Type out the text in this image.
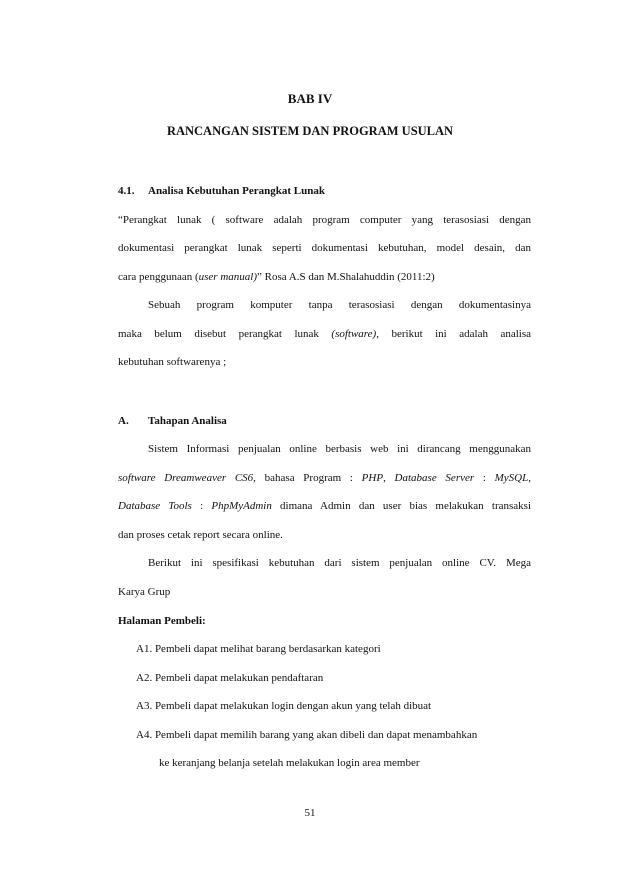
BAB IV
RANCANGAN SISTEM DAN PROGRAM USULAN
4.1. Analisa Kebutuhan Perangkat Lunak
“Perangkat lunak ( software adalah program computer yang terasosiasi dengan
dokumentasi perangkat lunak seperti dokumentasi kebutuhan, model desain, dan
cara penggunaan (user manual)” Rosa A.S dan M.Shalahuddin (2011:2)
Sebuah program komputer tanpa terasosiasi dengan dokumentasinya
maka belum disebut perangkat lunak (software), berikut ini adalah analisa
kebutuhan softwarenya ;
A. Tahapan Analisa
Sistem Informasi penjualan online berbasis web ini dirancang menggunakan
software Dreamweaver CS6, bahasa Program : PHP, Database Server : MySQL,
Database Tools : PhpMyAdmin dimana Admin dan user bias melakukan transaksi
dan proses cetak report secara online.
Berikut ini spesifikasi kebutuhan dari sistem penjualan online CV. Mega
Karya Grup
Halaman Pembeli:
A1. Pembeli dapat melihat barang berdasarkan kategori
A2. Pembeli dapat melakukan pendaftaran
A3. Pembeli dapat melakukan login dengan akun yang telah dibuat
A4. Pembeli dapat memilih barang yang akan dibeli dan dapat menambahkan
ke keranjang belanja setelah melakukan login area member
51
